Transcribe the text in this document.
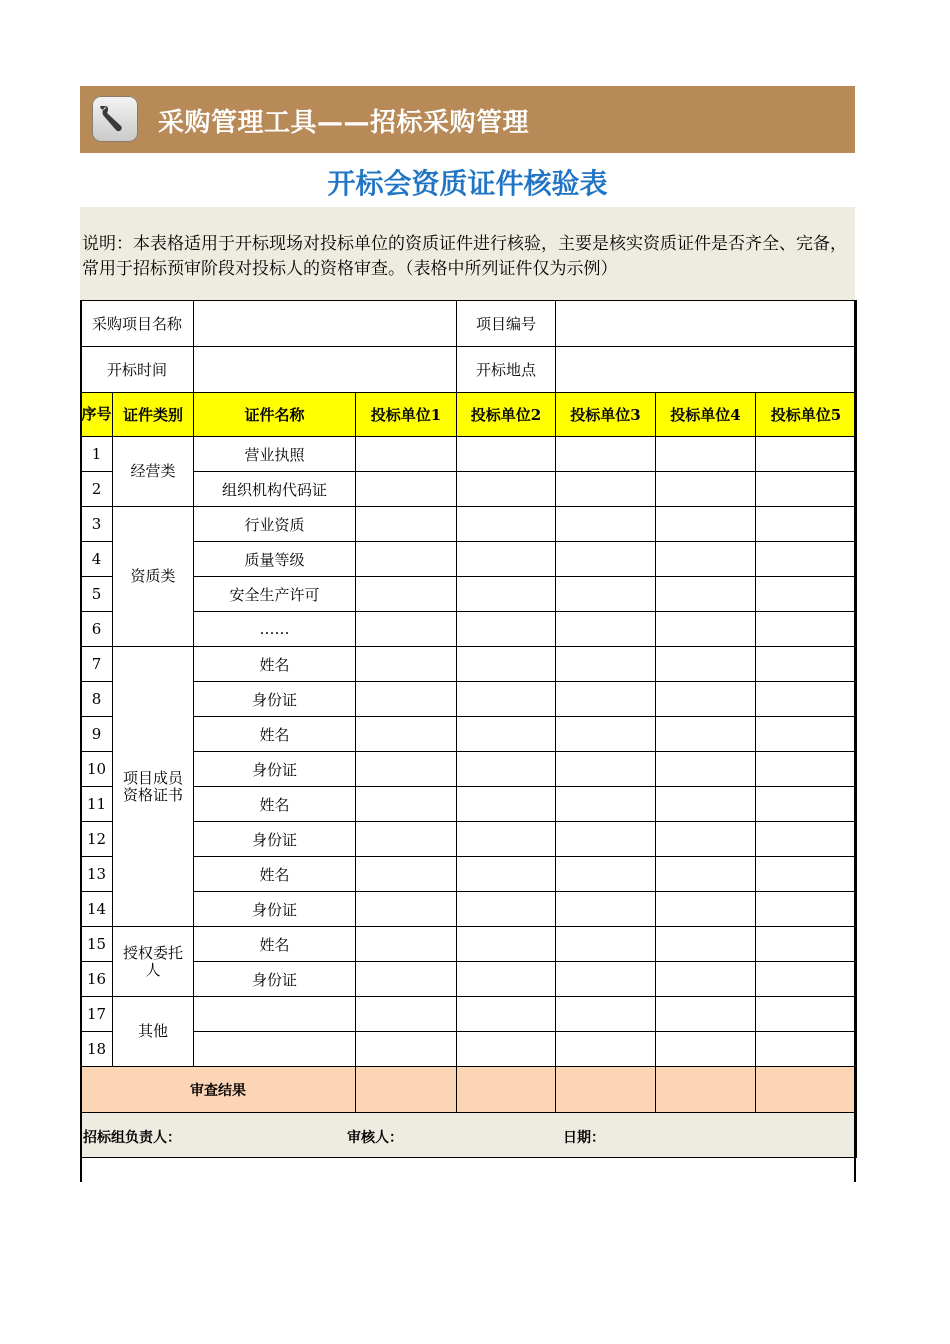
采购管理工具——招标采购管理
开标会资质证件核验表
说明：本表格适用于开标现场对投标单位的资质证件进行核验，主要是核实资质证件是否齐全、完备，常用于招标预审阶段对投标人的资格审查。（表格中所列证件仅为示例）
采购项目名称				项目编号			
开标时间				开标地点			
序号	证件类别	证件名称	投标单位1	投标单位2	投标单位3	投标单位4	投标单位5
1	经营类	营业执照					
2		组织机构代码证					
3	资质类	行业资质					
4		质量等级					
5		安全生产许可					
6		……					
7	项目成员资格证书	姓名					
8		身份证					
9		姓名					
10		身份证					
11		姓名					
12		身份证					
13		姓名					
14		身份证					
15	授权委托人	姓名					
16		身份证					
17	其他						
18							
审查结果							

招标组负责人： 审核人： 日期：							
